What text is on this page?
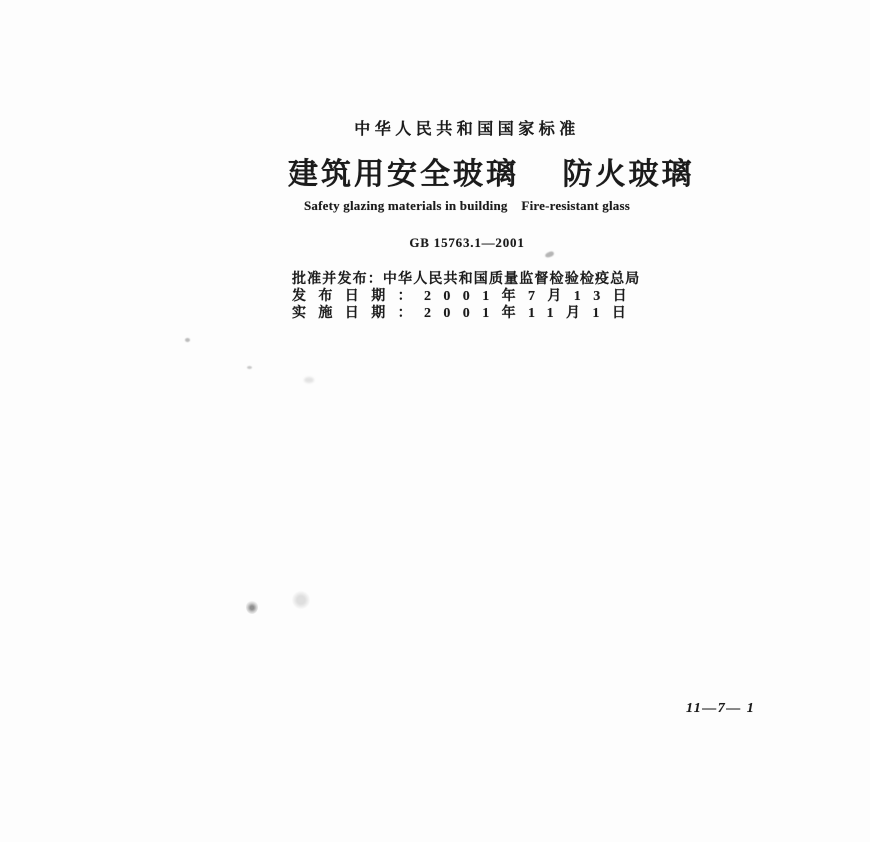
中华人民共和国国家标准
建筑用安全玻璃　 防火玻璃
Safety glazing materials in building    Fire-resistant glass
GB 15763.1—2001
批准并发布：中华人民共和国质量监督检验检疫总局
发布日期：2001年7月13日
实施日期：2001年11月1日
11—7— 1
